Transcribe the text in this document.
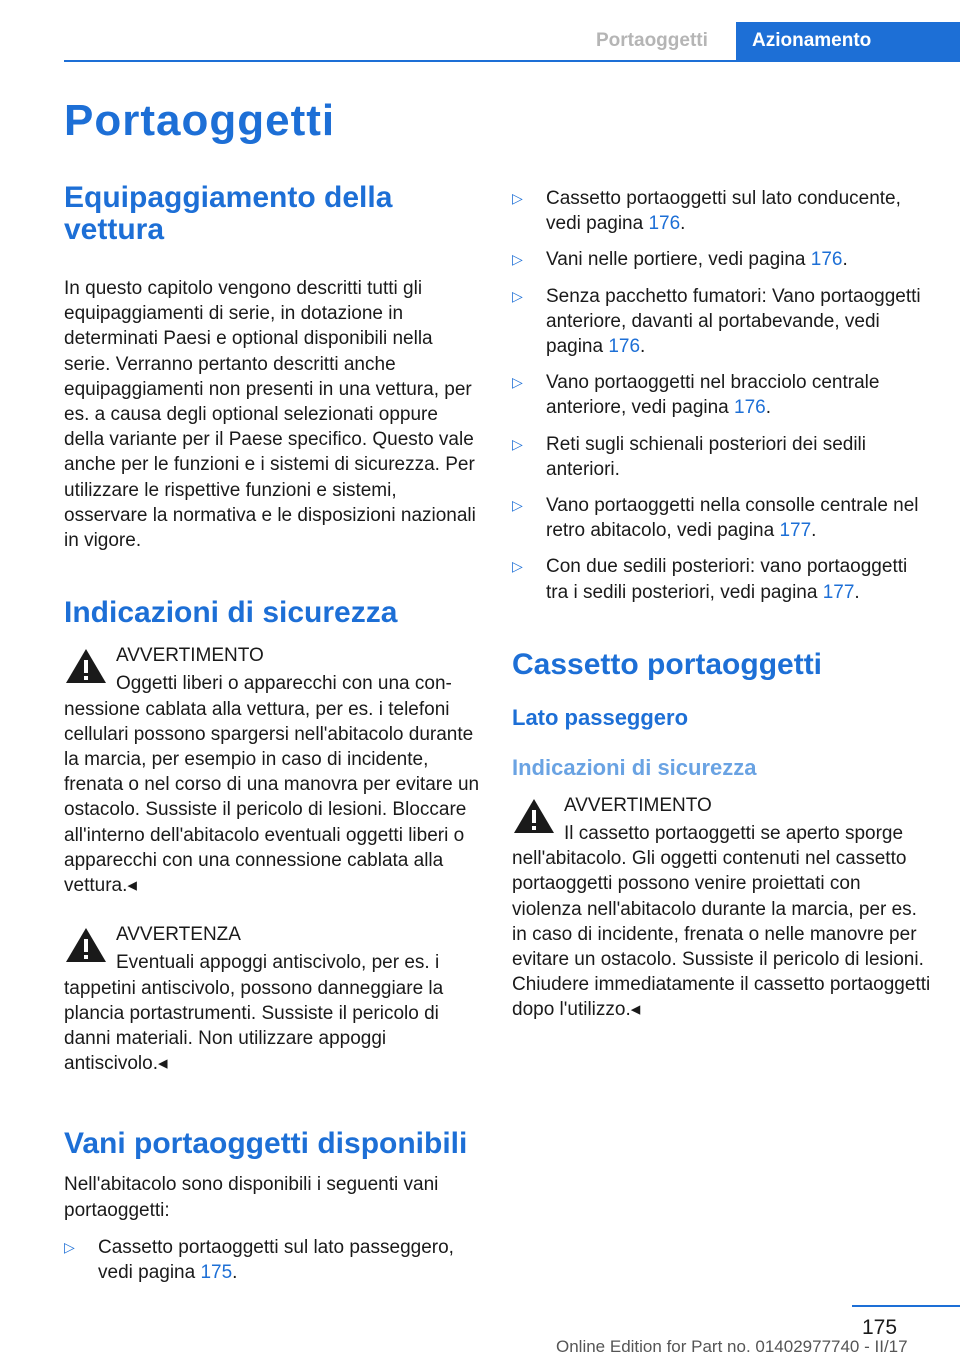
Portaoggetti	Azionamento
Portaoggetti
Equipaggiamento della vettura

In questo capitolo vengono descritti tutti gli equipaggiamenti di serie, in dotazione in determinati Paesi e optional disponibili nella serie. Verranno pertanto descritti anche equipaggiamenti non presenti in una vettura, per es. a causa degli optional selezionati oppure della variante per il Paese specifico. Questo vale anche per le funzioni e i sistemi di sicurezza. Per utilizzare le rispettive funzioni e sistemi, osservare la normativa e le disposizioni nazionali in vigore.

Indicazioni di sicurezza
AVVERTIMENTO
Oggetti liberi o apparecchi con una con-
nessione cablata alla vettura, per es. i telefoni cellulari possono spargersi nell'abitacolo durante la marcia, per esempio in caso di incidente, frenata o nel corso di una manovra per evitare un ostacolo. Sussiste il pericolo di lesioni. Bloccare all'interno dell'abitacolo eventuali oggetti liberi o apparecchi con una connessione cablata alla vettura.◂
AVVERTENZA
Eventuali appoggi antiscivolo, per es. i
tappetini antiscivolo, possono danneggiare la plancia portastrumenti. Sussiste il pericolo di danni materiali. Non utilizzare appoggi antiscivolo.◂
Vani portaoggetti disponibili

Nell'abitacolo sono disponibili i seguenti vani portaoggetti:

▷ Cassetto portaoggetti sul lato passeggero, vedi pagina 175.
▷ Cassetto portaoggetti sul lato conducente, vedi pagina 176.
▷ Vani nelle portiere, vedi pagina 176.
▷ Senza pacchetto fumatori: Vano portaoggetti anteriore, davanti al portabevande, vedi pagina 176.
▷ Vano portaoggetti nel bracciolo centrale anteriore, vedi pagina 176.
▷ Reti sugli schienali posteriori dei sedili anteriori.
▷ Vano portaoggetti nella consolle centrale nel retro abitacolo, vedi pagina 177.
▷ Con due sedili posteriori: vano portaoggetti tra i sedili posteriori, vedi pagina 177.
Cassetto portaoggetti
Lato passeggero
Indicazioni di sicurezza
AVVERTIMENTO
Il cassetto portaoggetti se aperto sporge
nell'abitacolo. Gli oggetti contenuti nel cassetto portaoggetti possono venire proiettati con violenza nell'abitacolo durante la marcia, per es. in caso di incidente, frenata o nelle manovre per evitare un ostacolo. Sussiste il pericolo di lesioni. Chiudere immediatamente il cassetto portaoggetti dopo l'utilizzo.◂
175
Online Edition for Part no. 01402977740 - II/17
